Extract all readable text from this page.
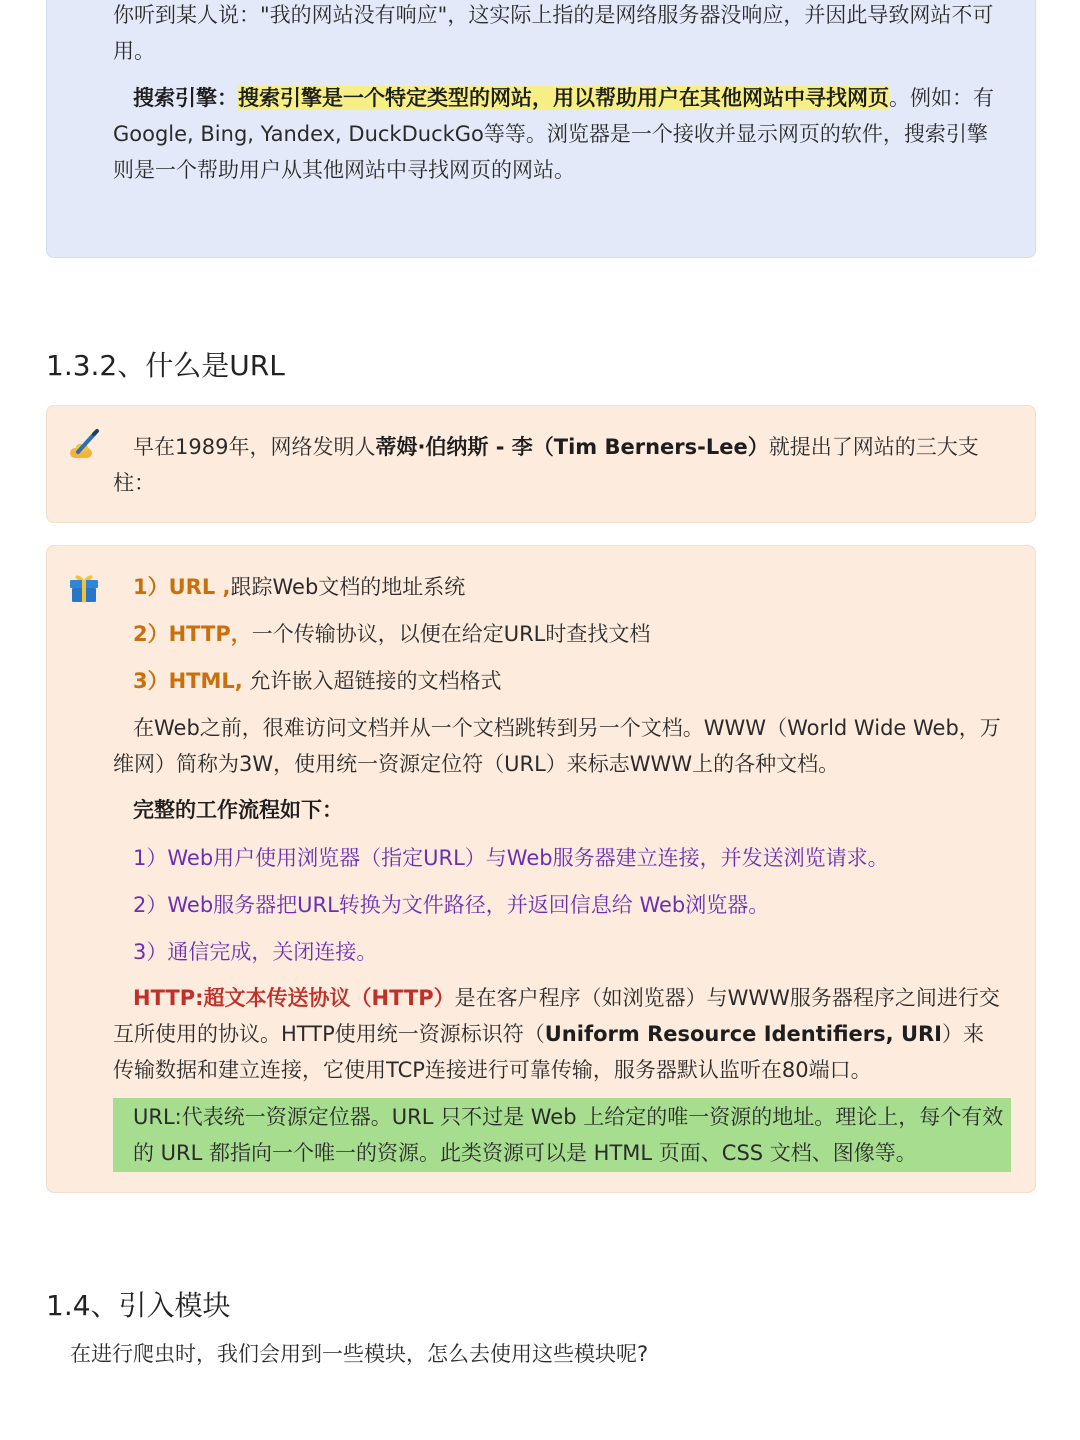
你听到某人说："我的网站没有响应"，这实际上指的是网络服务器没响应，并因此导致网站不可用。

搜索引擎：搜索引擎是一个特定类型的网站，用以帮助用户在其他网站中寻找网页。例如：有Google, Bing, Yandex, DuckDuckGo等等。浏览器是一个接收并显示网页的软件，搜索引擎则是一个帮助用户从其他网站中寻找网页的网站。

1.3.2、什么是URL

早在1989年，网络发明人蒂姆·伯纳斯 - 李（Tim Berners-Lee）就提出了网站的三大支柱：

1）URL ,跟踪Web文档的地址系统

2）HTTP，一个传输协议，以便在给定URL时查找文档

3）HTML, 允许嵌入超链接的文档格式

在Web之前，很难访问文档并从一个文档跳转到另一个文档。WWW（World Wide Web，万维网）简称为3W，使用统一资源定位符（URL）来标志WWW上的各种文档。

完整的工作流程如下：

1）Web用户使用浏览器（指定URL）与Web服务器建立连接，并发送浏览请求。

2）Web服务器把URL转换为文件路径，并返回信息给 Web浏览器。

3）通信完成，关闭连接。

HTTP:超文本传送协议（HTTP）是在客户程序（如浏览器）与WWW服务器程序之间进行交互所使用的协议。HTTP使用统一资源标识符（Uniform Resource Identifiers, URI）来传输数据和建立连接，它使用TCP连接进行可靠传输，服务器默认监听在80端口。

URL:代表统一资源定位器。URL 只不过是 Web 上给定的唯一资源的地址。理论上，每个有效的 URL 都指向一个唯一的资源。此类资源可以是 HTML 页面、CSS 文档、图像等。
1.4、引入模块

在进行爬虫时，我们会用到一些模块，怎么去使用这些模块呢?
